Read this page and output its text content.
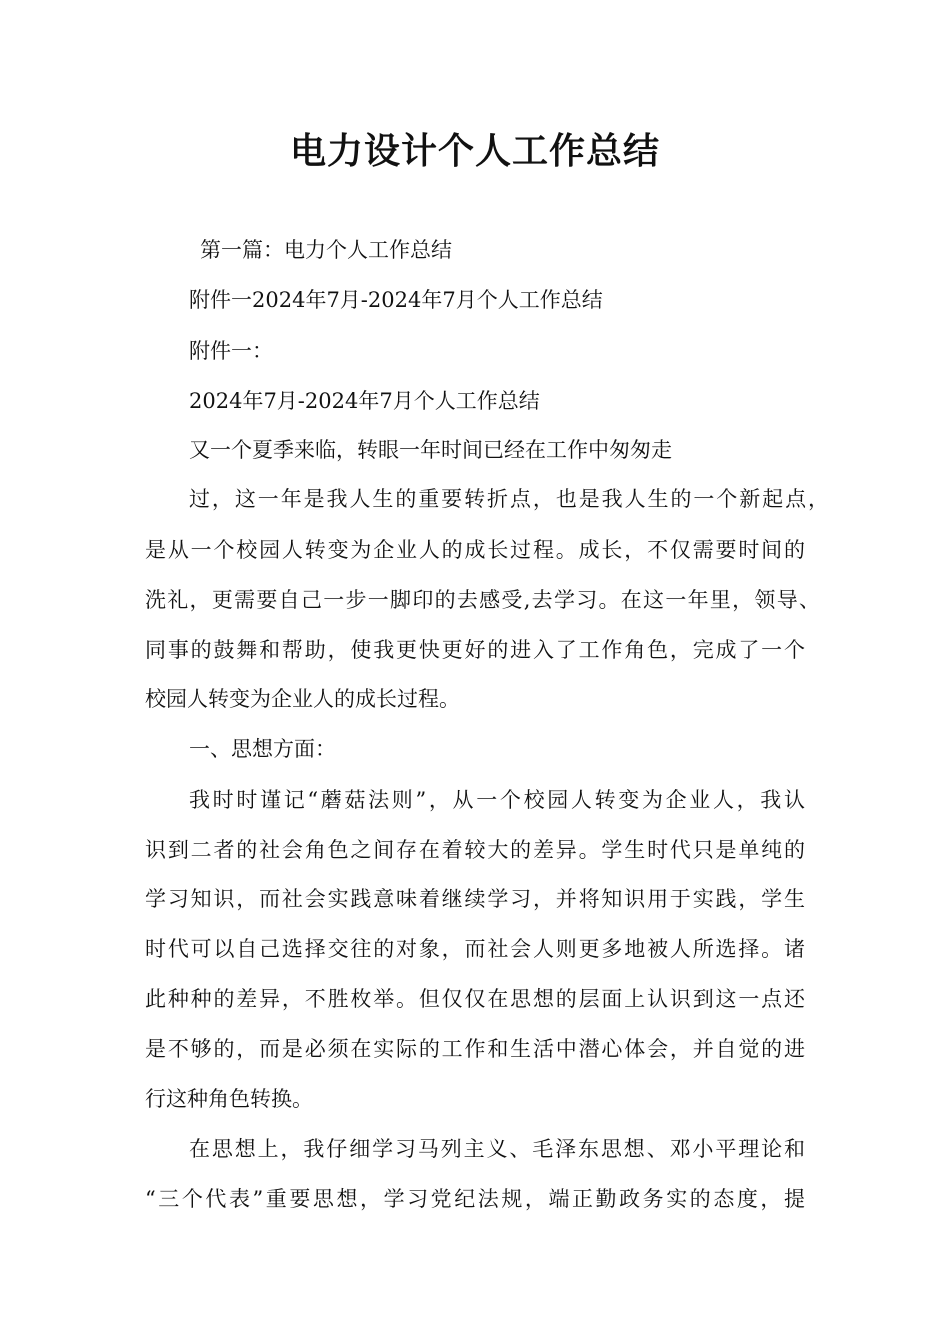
电力设计个人工作总结
第一篇：电力个人工作总结
附件一2024年7月-2024年7月个人工作总结
附件一：
2024年7月-2024年7月个人工作总结
又一个夏季来临，转眼一年时间已经在工作中匆匆走
过，这一年是我人生的重要转折点，也是我人生的一个新起点，
是从一个校园人转变为企业人的成长过程。成长，不仅需要时间的
洗礼，更需要自己一步一脚印的去感受,去学习。在这一年里，领导、
同事的鼓舞和帮助，使我更快更好的进入了工作角色，完成了一个
校园人转变为企业人的成长过程。
一、思想方面：
我时时谨记“蘑菇法则”，从一个校园人转变为企业人，我认
识到二者的社会角色之间存在着较大的差异。学生时代只是单纯的
学习知识，而社会实践意味着继续学习，并将知识用于实践，学生
时代可以自己选择交往的对象，而社会人则更多地被人所选择。诸
此种种的差异，不胜枚举。但仅仅在思想的层面上认识到这一点还
是不够的，而是必须在实际的工作和生活中潜心体会，并自觉的进
行这种角色转换。
在思想上，我仔细学习马列主义、毛泽东思想、邓小平理论和
“三个代表”重要思想，学习党纪法规，端正勤政务实的态度，提
